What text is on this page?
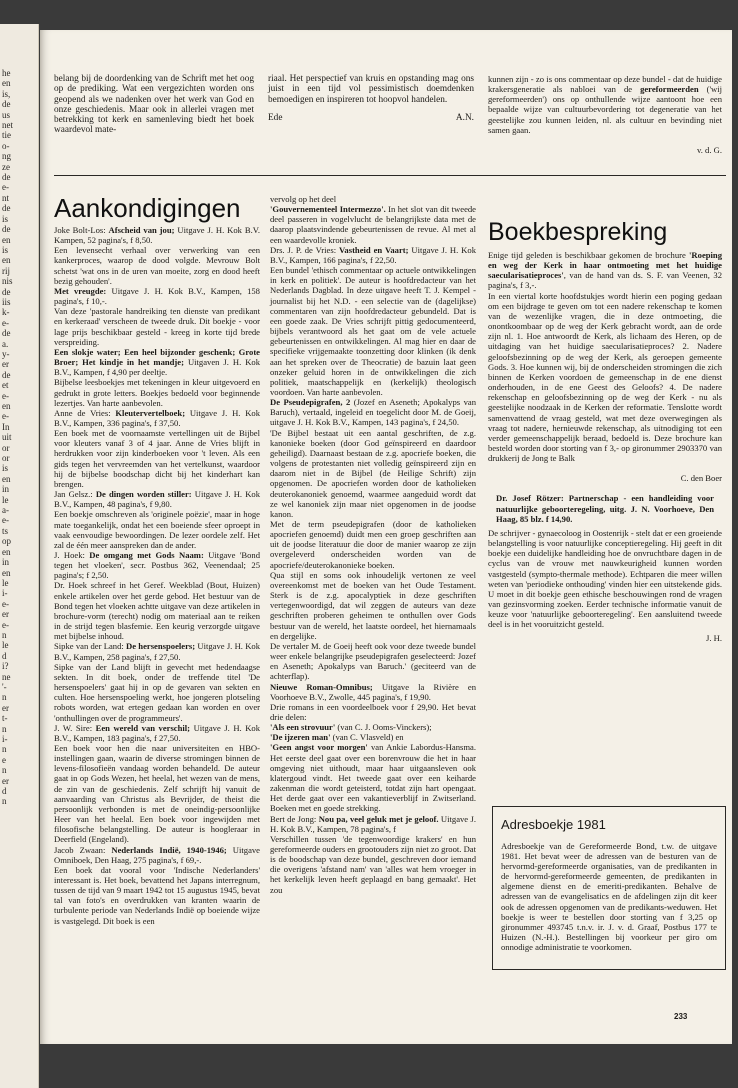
he
en
is,
de
us
net
tie
o-
ng
ze
de
e-
nt
de
is
de
en
is
en
rij
nis
de
iis
k-
e-
de
a.
y-
er
de
et
e-
en
e-
In
uit
or
or
is
en
in
le
a-
e-
ts
op
en
in
en
le
i-
e-
er
e-
n
le
d
i?
ne
'-
n
er
t-
n
i-
n
e
n
er
d
n

belang bij de doordenking van de Schrift met het oog op de prediking. Wat een vergezichten worden ons geopend als we nadenken over het werk van God en onze geschiedenis. Maar ook in allerlei vragen met betrekking tot kerk en samenleving biedt het boek waardevol mate-

riaal. Het perspectief van kruis en opstanding mag ons juist in een tijd vol pessimistisch doemdenken bemoedigen en inspireren tot hoopvol handelen.

Ede	A.N.

kunnen zijn - zo is ons commentaar op deze bundel - dat de huidige krakersgeneratie als nabloei van de gereformeerden ('wij gereformeerden') ons op onthullende wijze aantoont hoe een bepaalde wijze van cultuurbevordering tot degeneratie van het geestelijke zou kunnen leiden, nl. als cultuur en bevinding niet samen gaan.

v. d. G.

Aankondigingen

Joke Bolt-Los: Afscheid van jou; Uitgave J. H. Kok B.V. Kampen, 52 pagina's, f 8,50.

Een levensecht verhaal over verwerking van een kankerproces, waarop de dood volgde. Mevrouw Bolt schetst 'wat ons in de uren van moeite, zorg en dood heeft bezig gehouden'.

Met vreugde: Uitgave J. H. Kok B.V., Kampen, 158 pagina's, f 10,-.

Van deze 'pastorale handreiking ten dienste van predikant en kerkeraad' verscheen de tweede druk. Dit boekje - voor lage prijs beschikbaar gesteld - kreeg in korte tijd brede verspreiding.

Een slokje water; Een heel bijzonder geschenk; Grote Broer; Het kindje in het mandje; Uitgaven J. H. Kok B.V., Kampen, f 4,90 per deeltje.

Bijbelse leesboekjes met tekeningen in kleur uitgevoerd en gedrukt in grote letters. Boekjes bedoeld voor beginnende lezertjes. Van harte aanbevolen.

Anne de Vries: Kleutervertelboek; Uitgave J. H. Kok B.V., Kampen, 336 pagina's, f 37,50.

Een boek met de voornaamste vertellingen uit de Bijbel voor kleuters vanaf 3 of 4 jaar. Anne de Vries blijft in herdrukken voor zijn kinderboeken voor 't leven. Als een gids tegen het vervreemden van het vertelkunst, waardoor hij de bijbelse boodschap dicht bij het kinderhart kan brengen.

Jan Gelsz.: De dingen worden stiller: Uitgave J. H. Kok B.V., Kampen, 48 pagina's, f 9,80.

Een boekje omschreven als 'originele poëzie', maar in hoge mate toegankelijk, ondat het een boeiende sfeer oproept in vaak eenvoudige bewoordingen. De lezer oordele zelf. Het zal de één meer aanspreken dan de ander.

J. Hoek: De omgang met Gods Naam: Uitgave 'Bond tegen het vloeken', secr. Postbus 362, Veenendaal; 25 pagina's; f 2,50.

Dr. Hoek schreef in het Geref. Weekblad (Bout, Huizen) enkele artikelen over het gerde gebod. Het bestuur van de Bond tegen het vloeken achtte uitgave van deze artikelen in brochure-vorm (terecht) nodig om materiaal aan te reiken in de strijd tegen blasfemie. Een keurig verzorgde uitgave met bijbelse inhoud.

Sipke van der Land: De hersenspoelers; Uitgave J. H. Kok B.V., Kampen, 258 pagina's, f 27,50.

Sipke van der Land blijft in gevecht met hedendaagse sekten. In dit boek, onder de treffende titel 'De hersenspoelers' gaat hij in op de gevaren van sekten en culten. Hoe hersenspoeling werkt, hoe jongeren plotseling robots worden, wat ertegen gedaan kan worden en over 'onthullingen over de programmeurs'.

J. W. Sire: Een wereld van verschil; Uitgave J. H. Kok B.V., Kampen, 183 pagina's, f 27,50.

Een boek voor hen die naar universiteiten en HBO-instellingen gaan, waarin de diverse stromingen binnen de levens-filosofieën vandaag worden behandeld. De auteur gaat in op Gods Wezen, het heelal, het wezen van de mens, de zin van de geschiedenis. Zelf schrijft hij vanuit de aanvaarding van Christus als Bevrijder, de theist die persoonlijk verbonden is met de oneindig-persoonlijke Heer van het heelal. Een boek voor ingewijden met filosofische belangstelling. De auteur is hoogleraar in Deerfield (Engeland).

Jacob Zwaan: Nederlands Indië, 1940-1946; Uitgave Omniboek, Den Haag, 275 pagina's, f 69,-.

Een boek dat vooral voor 'Indische Nederlanders' interessant is. Het boek, bevattend het Japans interregnum, tussen de tijd van 9 maart 1942 tot 15 augustus 1945, bevat tal van foto's en overdrukken van kranten waarin de turbulente periode van Nederlands Indië op boeiende wijze is vastgelegd. Dit boek is een

vervolg op het deel

'Gouvernementeel Intermezzo'. In het slot van dit tweede deel passeren in vogelvlucht de belangrijkste data met de daarop plaatsvindende gebeurtenissen de revue. Al met al een waardevolle kroniek.

Drs. J. P. de Vries: Vastheid en Vaart; Uitgave J. H. Kok B.V., Kampen, 166 pagina's, f 22,50.

Een bundel 'ethisch commentaar op actuele ontwikkelingen in kerk en politiek'. De auteur is hoofdredacteur van het Nederlands Dagblad. In deze uitgave heeft T. J. Kempel - journalist bij het N.D. - een selectie van de (dagelijkse) commentaren van zijn hoofdredacteur gebundeld. Dat is een goede zaak. De Vries schrijft pittig gedocumenteerd, bijbels verantwoord als het gaat om de vele actuele gebeurtenissen en ontwikkelingen. Al mag hier en daar de specifieke vrijgemaakte toonzetting door klinken (ik denk aan het spreken over de Theocratie) de bazuin laat geen onzeker geluid horen in de ontwikkelingen die zich politiek, maatschappelijk en (kerkelijk) theologisch voordoen. Van harte aanbevolen.

De Pseudepigrafen, 2 (Jozef en Aseneth; Apokalyps van Baruch), vertaald, ingeleid en toegelicht door M. de Goeij, uitgave J. H. Kok B.V., Kampen, 143 pagina's, f 24,50.

'De Bijbel bestaat uit een aantal geschriften, de z.g. kanonieke boeken (door God geïnspireerd en daardoor geheiligd). Daarnaast bestaan de z.g. apocriefe boeken, die volgens de protestanten niet volledig geïnspireerd zijn en daarom niet in de Bijbel (de Heilige Schrift) zijn opgenomen. De apocriefen worden door de katholieken deuterokanoniek genoemd, waarmee aangeduid wordt dat ze wel kanoniek zijn maar niet opgenomen in de joodse kanon.

Met de term pseudepigrafen (door de katholieken apocriefen genoemd) duidt men een groep geschriften aan uit de joodse literatuur die door de manier waarop ze zijn overgeleverd onderscheiden worden van de apocriefe/deuterokanonieke boeken.

Qua stijl en soms ook inhoudelijk vertonen ze veel overeenkomst met de boeken van het Oude Testament. Sterk is de z.g. apocalyptiek in deze geschriften vertegenwoordigd, dat wil zeggen de auteurs van deze geschriften proberen geheimen te onthullen over Gods bestuur van de wereld, het laatste oordeel, het hiernamaals en dergelijke.

De vertaler M. de Goeij heeft ook voor deze tweede bundel weer enkele belangrijke pseudepigrafen geselecteerd: Jozef en Aseneth; Apokalyps van Baruch.' (geciteerd van de achterflap).

Nieuwe Roman-Omnibus; Uitgave la Rivière en Voorhoeve B.V., Zwolle, 445 pagina's, f 19,90.

Drie romans in een voordeelboek voor f 29,90. Het bevat drie delen:

'Als een strovuur' (van C. J. Ooms-Vinckers);

'De ijzeren man' (van C. Vlasveld) en

'Geen angst voor morgen' van Ankie Labordus-Hansma. Het eerste deel gaat over een borenvrouw die het in haar omgeving niet uithoudt, maar haar uitgaansleven ook klatergoud vindt. Het tweede gaat over een keiharde zakenman die wordt geteisterd, totdat zijn hart opengaat. Het derde gaat over een vakantieverblijf in Zwitserland. Boeken met en goede strekking.

Bert de Jong: Nou pa, veel geluk met je geloof. Uitgave J. H. Kok B.V., Kampen, 78 pagina's, f

Verschillen tussen 'de tegenwoordige krakers' en hun gereformeerde ouders en grootouders zijn niet zo groot. Dat is de boodschap van deze bundel, geschreven door iemand die overigens 'afstand nam' van 'alles wat hem vroeger in het kerkelijk leven heeft geplaagd en bang gemaakt'. Het zou

Boekbespreking

Enige tijd geleden is beschikbaar gekomen de brochure 'Roeping en weg der Kerk in haar ontmoeting met het huidige saecularisatieproces', van de hand van ds. S. F. van Veenen, 32 pagina's, f 3,-.

In een viertal korte hoofdstukjes wordt hierin een poging gedaan om een bijdrage te geven om tot een nadere rekenschap te komen van de wezenlijke vragen, die in deze ontmoeting, die onontkoombaar op de weg der Kerk gebracht wordt, aan de orde zijn nl. 1. Hoe antwoordt de Kerk, als lichaam des Heren, op de uitdaging van het huidige saecularisatieproces? 2. Nadere geloofsbezinning op de weg der Kerk, als geroepen gemeente Gods. 3. Hoe kunnen wij, bij de onderscheiden stromingen die zich binnen de Kerken voordoen de gemeenschap in de ene dienst onderhouden, in de ene Geest des Geloofs? 4. De nadere rekenschap en geloofsbezinning op de weg der Kerk - nu als geestelijke noodzaak in de Kerken der reformatie. Tenslotte wordt samenvattend de vraag gesteld, wat met deze overwegingen als vraag tot nadere, hernieuwde rekenschap, als uitnodiging tot een verder gemeenschappelijk beraad, bedoeld is. Deze brochure kan besteld worden door storting van f 3,- op gironummer 2903370 van drukkerij de Jong te Balk

C. den Boer

Dr. Josef Rötzer: Partnerschap - een handleiding voor natuurlijke geboorteregeling, uitg. J. N. Voorhoeve, Den Haag, 85 blz. f 14,90.

De schrijver - gynaecoloog in Oostenrijk - stelt dat er een groeiende belangstelling is voor natuurlijke conceptieregeling. Hij geeft in dit boekje een duidelijke handleiding hoe de onvruchtbare dagen in de cyclus van de vrouw met nauwkeurigheid kunnen worden vastgesteld (sympto-thermale methode). Echtparen die meer willen weten van 'periodieke onthouding' vinden hier een uitstekende gids. U moet in dit boekje geen ethische beschouwingen rond de vragen van gezinsvorming zoeken. Eerder technische informatie vanuit de keuze voor 'natuurlijke geboorteregeling'. Een aansluitend tweede deel is in het vooruitzicht gesteld.

J. H.

Adresboekje 1981

Adresboekje van de Gereformeerde Bond, t.w. de uitgave 1981. Het bevat weer de adressen van de besturen van de hervormd-gereformeerde organisaties, van de predikanten in de hervormd-gereformeerde gemeenten, de predikanten in algemene dienst en de emeriti-predikanten. Behalve de adressen van de evangelisatics en de afdelingen zijn dit keer ook de adressen opgenomen van de predikants-weduwen. Het boekje is weer te bestellen door storting van f 3,25 op gironummer 493745 t.n.v. ir. J. v. d. Graaf, Postbus 177 te Huizen (N.-H.). Bestellingen bij voorkeur per giro om onnodige administratie te voorkomen.

233
